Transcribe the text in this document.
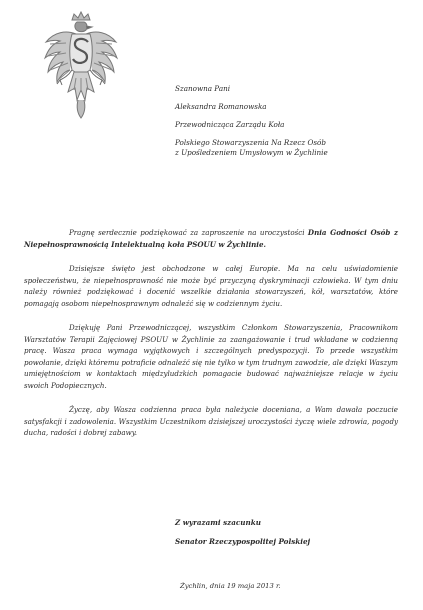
Szanowna Pani
Aleksandra Romanowska
Przewodnicząca Zarządu Koła
Polskiego Stowarzyszenia Na Rzecz Osób
z Upośledzeniem Umysłowym w Żychlinie

Pragnę serdecznie podziękować za zaproszenie na uroczystości Dnia Godności Osób z Niepełnosprawnością Intelektualną koła PSOUU w Żychlinie.

Dzisiejsze święto jest obchodzone w całej Europie. Ma na celu uświadomienie społeczeństwu, że niepełnosprawność nie może być przyczyną dyskryminacji człowieka. W tym dniu należy również podziękować i docenić wszelkie działania stowarzyszeń, kół, warsztatów, które pomagają osobom niepełnosprawnym odnaleźć się w codziennym życiu.

Dziękuję Pani Przewodniczącej, wszystkim Członkom Stowarzyszenia, Pracownikom Warsztatów Terapii Zajęciowej PSOUU w Żychlinie za zaangażowanie i trud wkładane w codzienną pracę. Wasza praca wymaga wyjątkowych i szczególnych predyspozycji. To przede wszystkim powołanie, dzięki któremu potraficie odnaleźć się nie tylko w tym trudnym zawodzie, ale dzięki Waszym umiejętnościom w kontaktach międzyludzkich pomagacie budować najważniejsze relacje w życiu swoich Podopiecznych.

Życzę, aby Wasza codzienna praca była należycie doceniana, a Wam dawała poczucie satysfakcji i zadowolenia. Wszystkim Uczestnikom dzisiejszej uroczystości życzę wiele zdrowia, pogody ducha, radości i dobrej zabawy.

Z wyrazami szacunku
Senator Rzeczypospolitej Polskiej
Żychlin, dnia 19 maja 2013 r.
